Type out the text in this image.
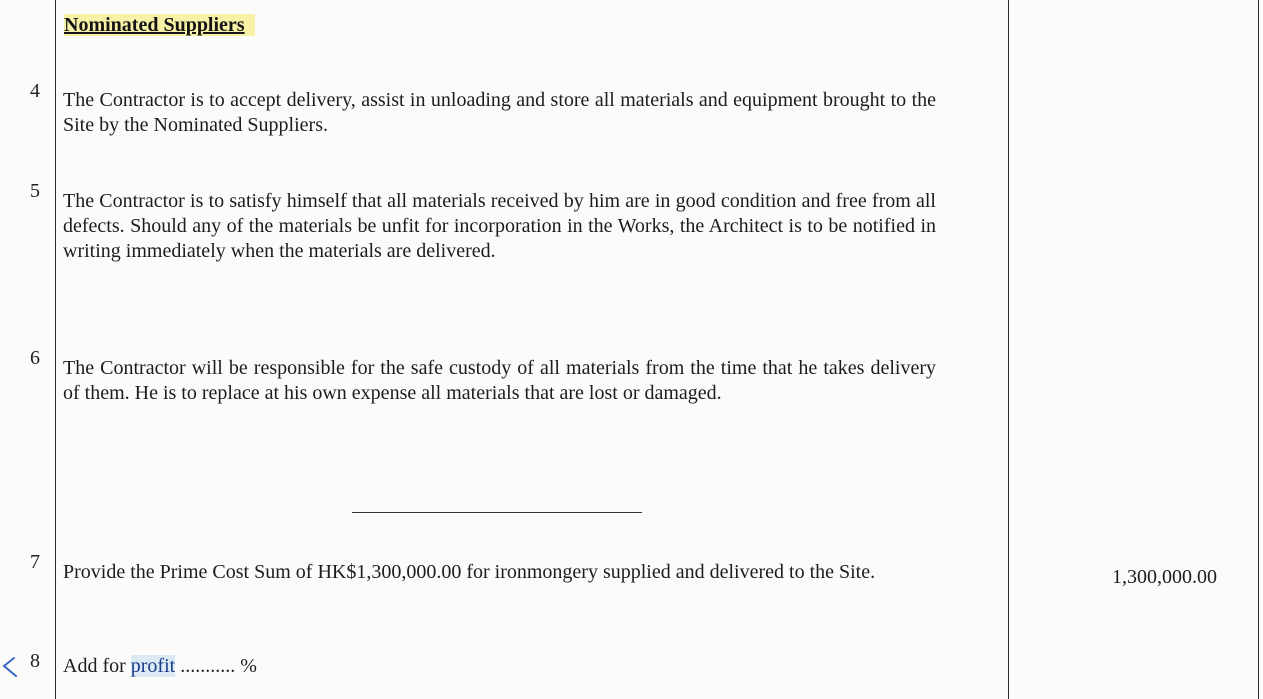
Nominated Suppliers
4 The Contractor is to accept delivery, assist in unloading and store all materials and equipment brought to the Site by the Nominated Suppliers.
5 The Contractor is to satisfy himself that all materials received by him are in good condition and free from all defects. Should any of the materials be unfit for incorporation in the Works, the Architect is to be notified in writing immediately when the materials are delivered.
6 The Contractor will be responsible for the safe custody of all materials from the time that he takes delivery of them. He is to replace at his own expense all materials that are lost or damaged.
7 Provide the Prime Cost Sum of HK$1,300,000.00 for ironmongery supplied and delivered to the Site.	1,300,000.00
8 Add for profit ........... %
